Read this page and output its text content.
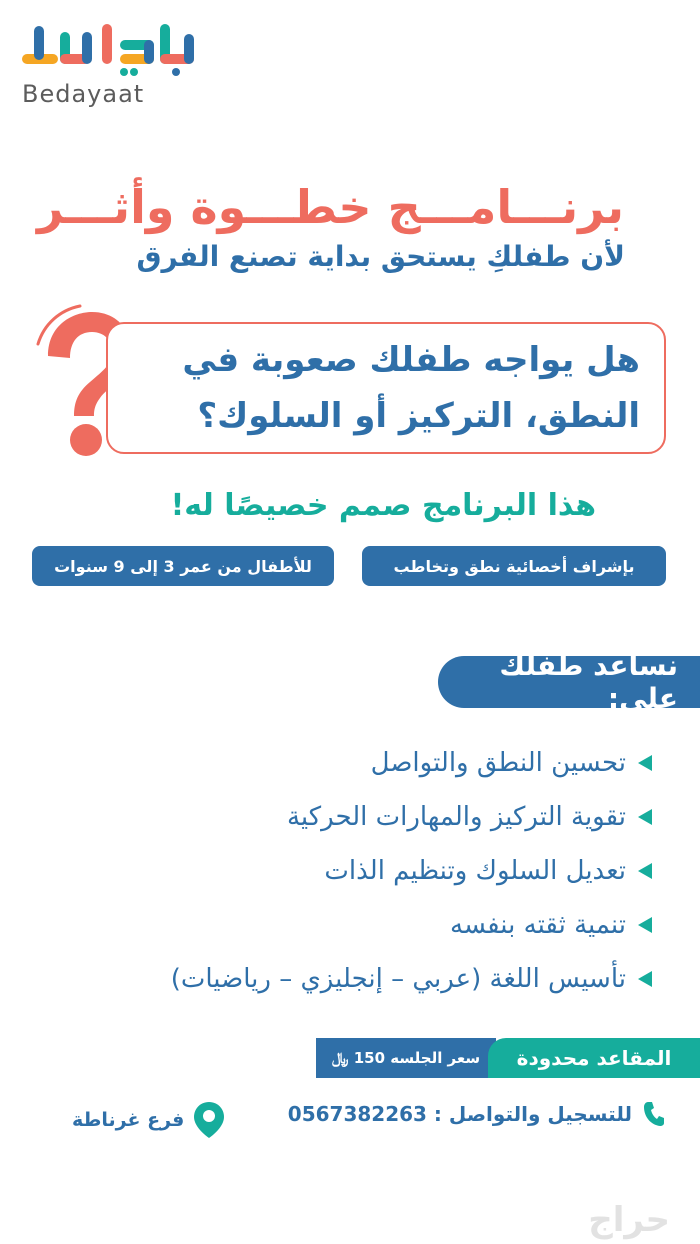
Bedayaat
برنـــامـــج خطـــوة وأثـــر
لأن طفلكِ يستحق بداية تصنع الفرق
هل يواجه طفلك صعوبة في
النطق، التركيز أو السلوك؟
هذا البرنامج صمم خصيصًا له!
بإشراف أخصائية نطق وتخاطب
للأطفال من عمر 3 إلى 9 سنوات
نساعد طفلك على:
تحسين النطق والتواصل
تقوية التركيز والمهارات الحركية
تعديل السلوك وتنظيم الذات
تنمية ثقته بنفسه
تأسيس اللغة (عربي – إنجليزي – رياضيات)
سعر الجلسه 150 ﷼	المقاعد محدودة
فرع غرناطة	للتسجيل والتواصل : 0567382263
حراج
